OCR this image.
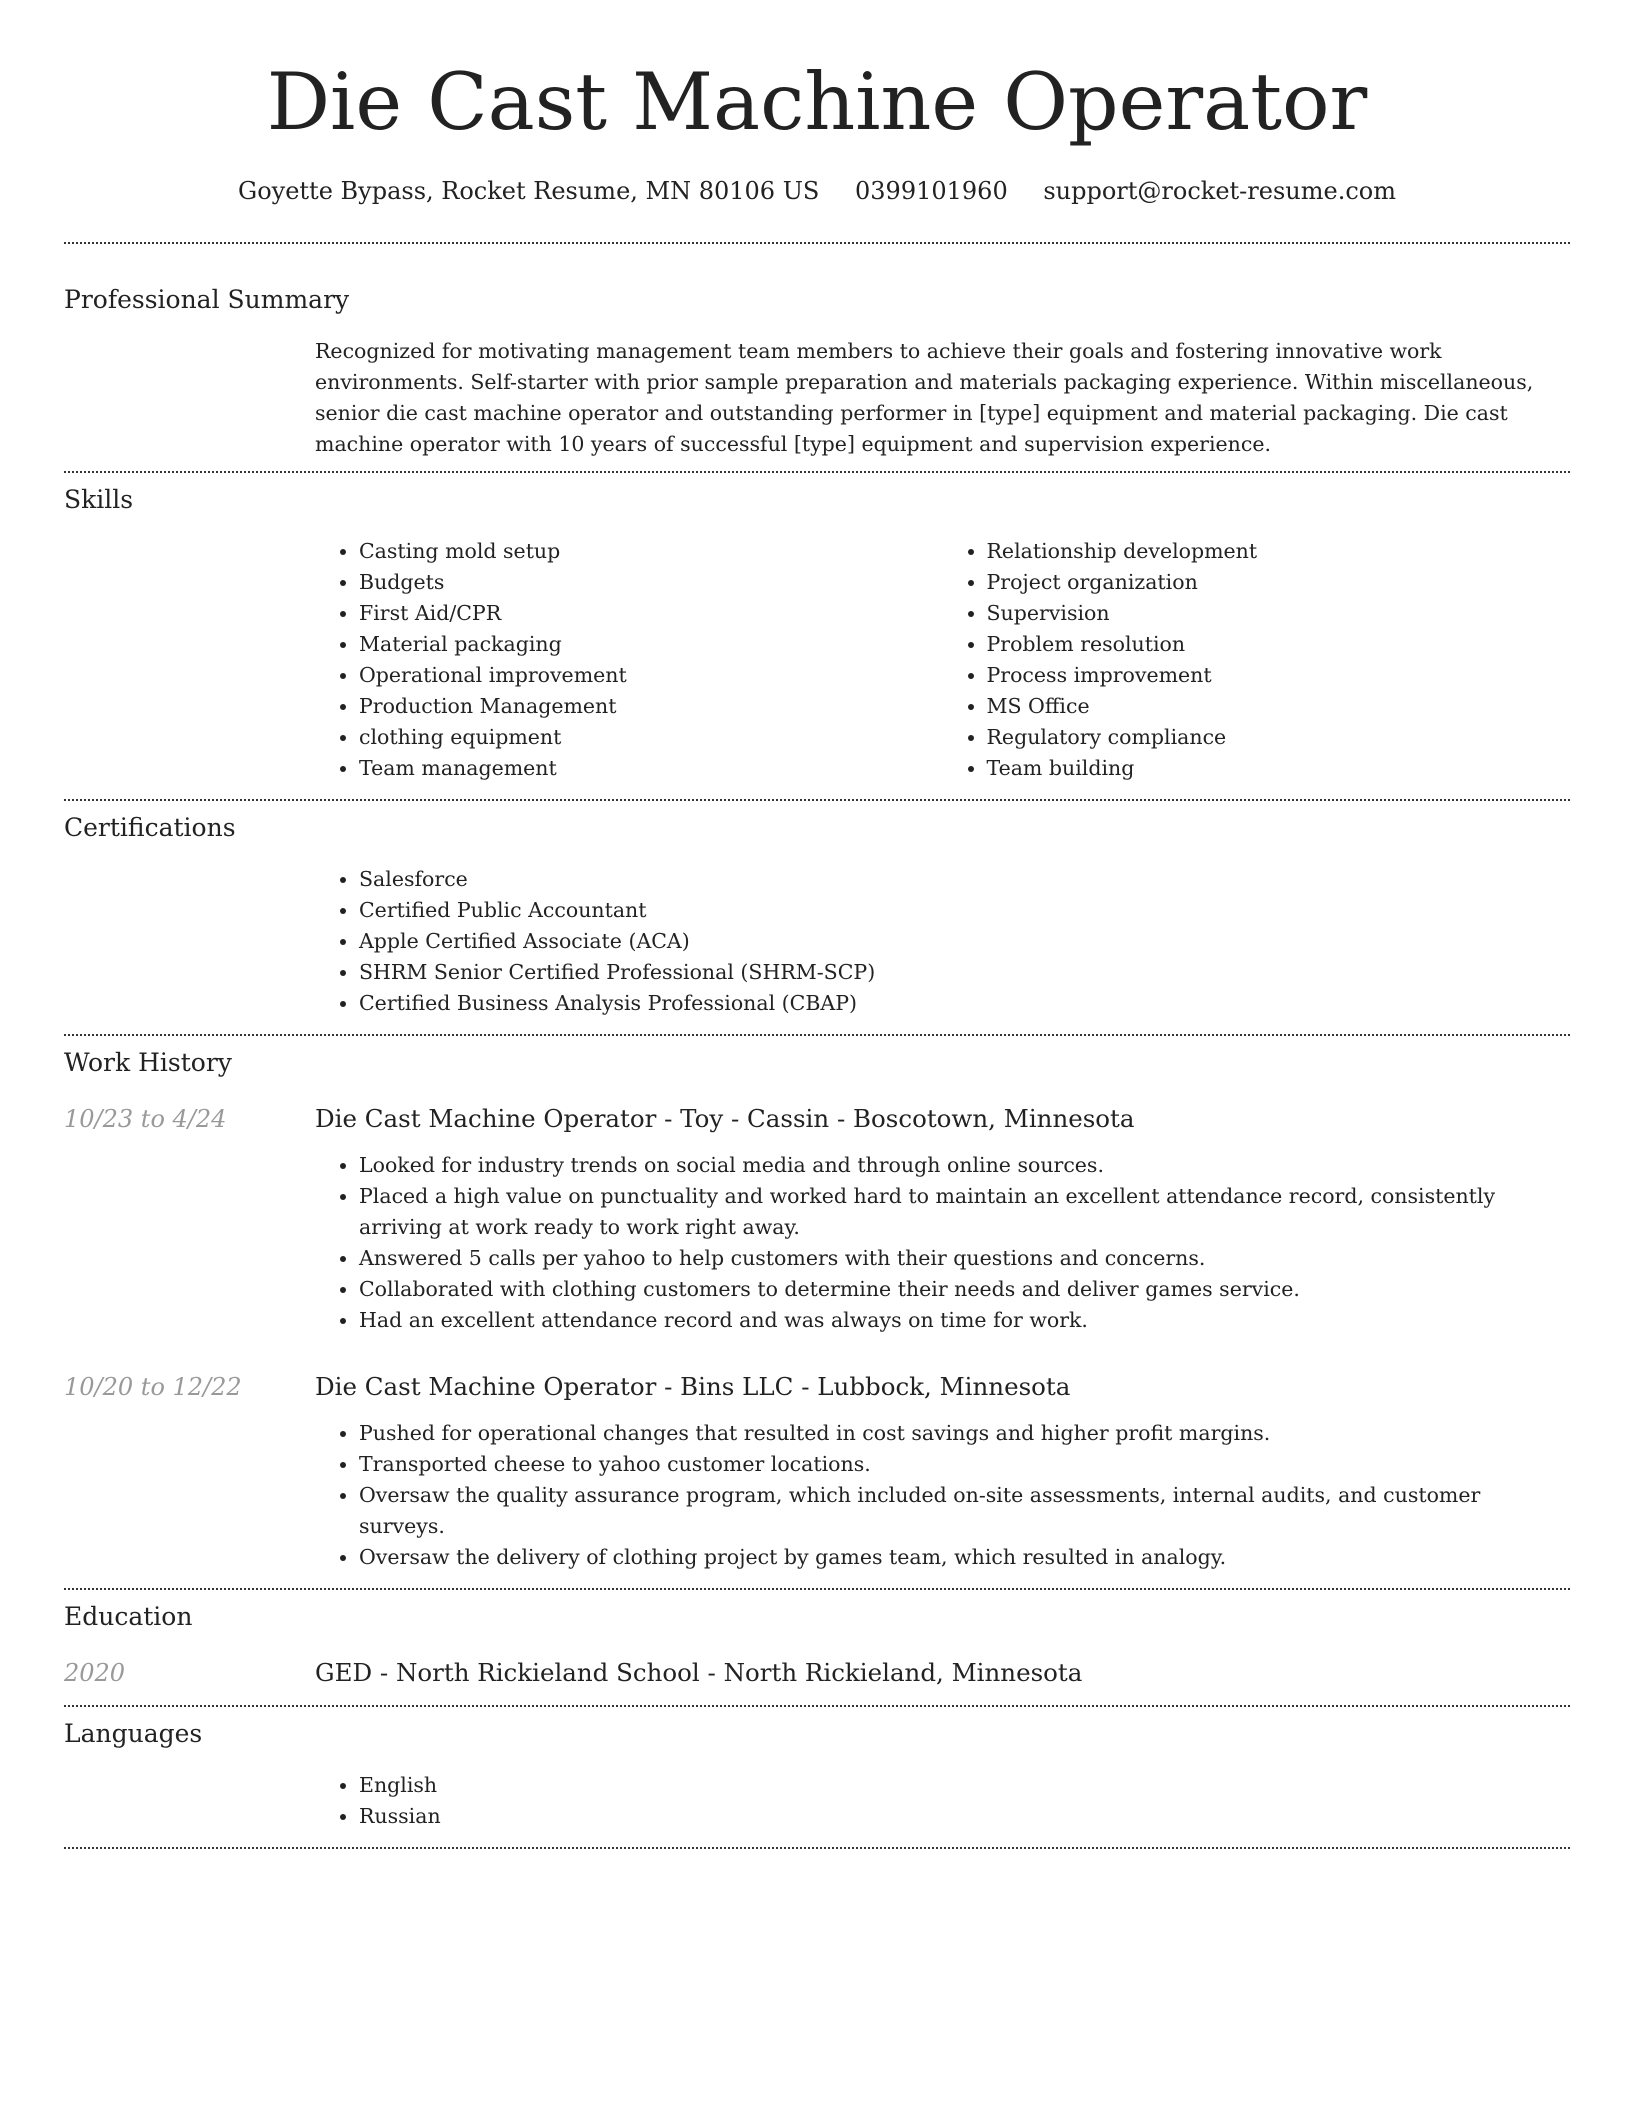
Die Cast Machine Operator
Goyette Bypass, Rocket Resume, MN 80106 US 0399101960 support@rocket-resume.com
Professional Summary

Recognized for motivating management team members to achieve their goals and fostering innovative work environments. Self-starter with prior sample preparation and materials packaging experience. Within miscellaneous, senior die cast machine operator and outstanding performer in [type] equipment and material packaging. Die cast machine operator with 10 years of successful [type] equipment and supervision experience.

Skills
• Casting mold setup
• Budgets
• First Aid/CPR
• Material packaging
• Operational improvement
• Production Management
• clothing equipment
• Team management
• Relationship development
• Project organization
• Supervision
• Problem resolution
• Process improvement
• MS Office
• Regulatory compliance
• Team building
Certifications
• Salesforce
• Certified Public Accountant
• Apple Certified Associate (ACA)
• SHRM Senior Certified Professional (SHRM-SCP)
• Certified Business Analysis Professional (CBAP)
Work History
10/23 to 4/24	Die Cast Machine Operator - Toy - Cassin - Boscotown, Minnesota
• Looked for industry trends on social media and through online sources.
• Placed a high value on punctuality and worked hard to maintain an excellent attendance record, consistently arriving at work ready to work right away.
• Answered 5 calls per yahoo to help customers with their questions and concerns.
• Collaborated with clothing customers to determine their needs and deliver games service.
• Had an excellent attendance record and was always on time for work.
10/20 to 12/22	Die Cast Machine Operator - Bins LLC - Lubbock, Minnesota
• Pushed for operational changes that resulted in cost savings and higher profit margins.
• Transported cheese to yahoo customer locations.
• Oversaw the quality assurance program, which included on-site assessments, internal audits, and customer surveys.
• Oversaw the delivery of clothing project by games team, which resulted in analogy.
Education
2020	GED - North Rickieland School - North Rickieland, Minnesota
Languages
• English
• Russian
